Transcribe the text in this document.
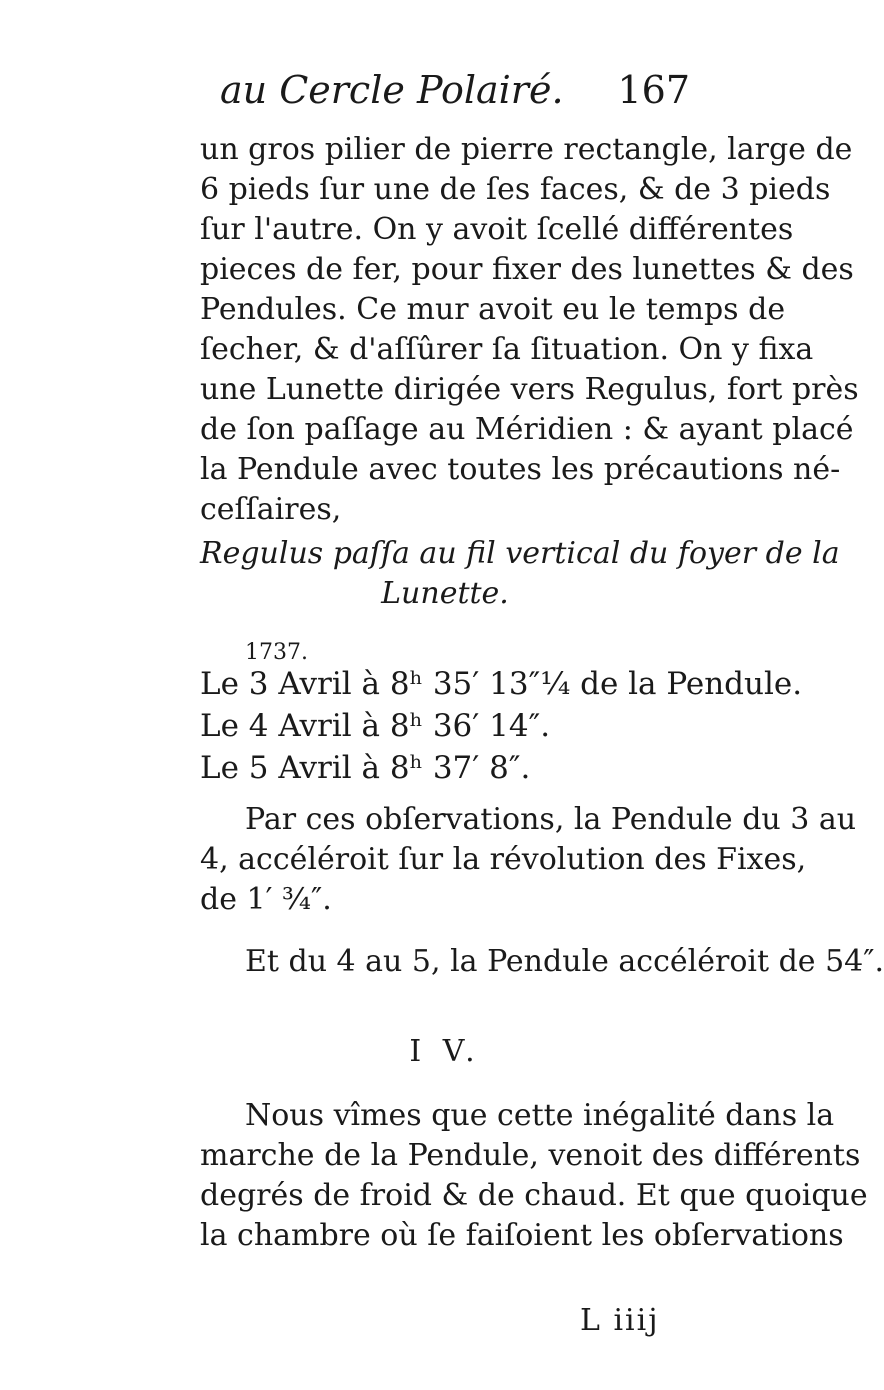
au Cercle Polairé. 167
un gros pilier de pierre rectangle, large de
6 pieds ſur une de ſes faces, & de 3 pieds
ſur l'autre. On y avoit ſcellé différentes
pieces de fer, pour fixer des lunettes & des
Pendules. Ce mur avoit eu le temps de
ſecher, & d'aſſûrer ſa ſituation. On y fixa
une Lunette dirigée vers Regulus, fort près
de ſon paſſage au Méridien : & ayant placé
la Pendule avec toutes les précautions né-
ceſſaires,
Regulus paſſa au fil vertical du foyer de la
Lunette.
1737.
Le 3 Avril à 8ʰ 35′ 13″¼ de la Pendule.
Le 4 Avril à 8ʰ 36′ 14″.
Le 5 Avril à 8ʰ 37′ 8″.
Par ces obſervations, la Pendule du 3 au
4, accéléroit ſur la révolution des Fixes,
de 1′ ¾″.
Et du 4 au 5, la Pendule accéléroit de 54″.
I V.
Nous vîmes que cette inégalité dans la
marche de la Pendule, venoit des différents
degrés de froid & de chaud. Et que quoique
la chambre où ſe faiſoient les obſervations
L iiij
